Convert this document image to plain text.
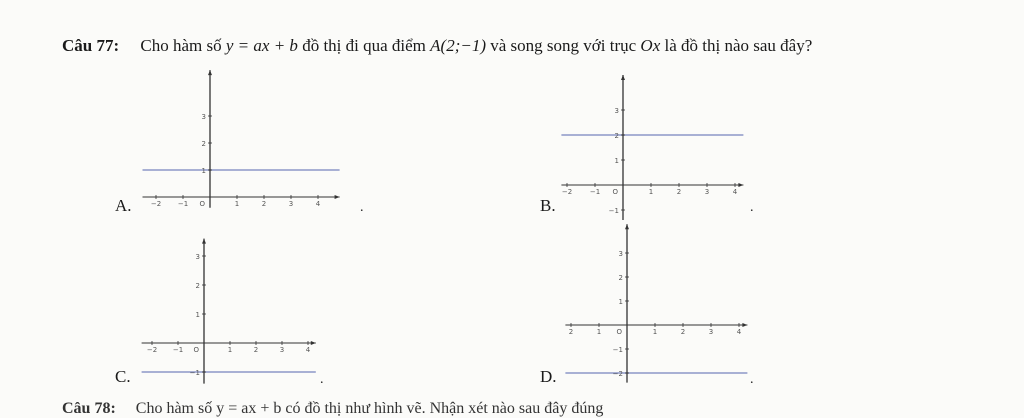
Câu 77: Cho hàm số y = ax + b đồ thị đi qua điểm A(2;−1) và song song với trục Ox là đồ thị nào sau đây?
A.	−2 −1	1	2	3	4
3
2
1
O	.	B.
−2	−1	1	2	3	4
3
2
1
−1
O
.
C.
−2 −1	1	2	3	4
3
2
1
−1
O
.	D.
2	1	1	2	3	4
3
2
1
−1
−2
O
.
Câu 78: Cho hàm số y = ax + b có đồ thị như hình vẽ. Nhận xét nào sau đây đúng
